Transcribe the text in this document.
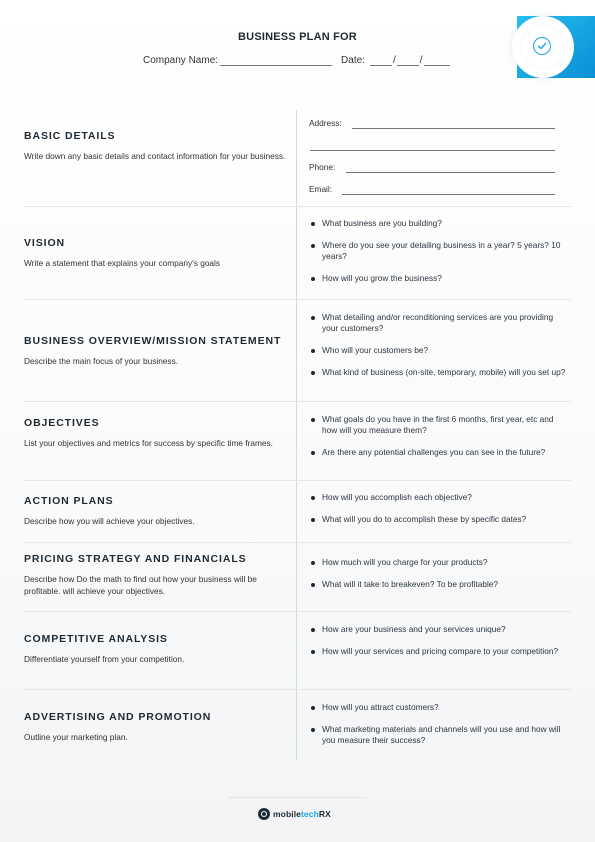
BUSINESS PLAN FOR
Company Name:	Date:	/ /
BASIC DETAILS
Write down any basic details and contact information for your business.
Address:
Phone:
Email:
VISION
Write a statement that explains your company's goals
What business are you building?
Where do you see your detailing business in a year? 5 years? 10 years?
How will you grow the business?
BUSINESS OVERVIEW/MISSION STATEMENT
Describe the main focus of your business.
What detailing and/or reconditioning services are you providing your customers?
Who will your customers be?
What kind of business (on-site, temporary, mobile) will you set up?
OBJECTIVES
List your objectives and metrics for success by specific time frames.
What goals do you have in the first 6 months, first year, etc and how will you measure them?
Are there any potential challenges you can see in the future?
ACTION PLANS
Describe how you will achieve your objectives.
How will you accomplish each objective?
What will you do to accomplish these by specific dates?
PRICING STRATEGY AND FINANCIALS
Describe how Do the math to find out how your business will be profitable. will achieve your objectives.
How much will you charge for your products?
What will it take to breakeven? To be profitable?
COMPETITIVE ANALYSIS
Differentiate yourself from your competition.
How are your business and your services unique?
How will your services and pricing compare to your competition?
ADVERTISING AND PROMOTION
Outline your marketing plan.
How will you attract customers?
What marketing materials and channels will you use and how will you measure their success?
mobiletechRX
